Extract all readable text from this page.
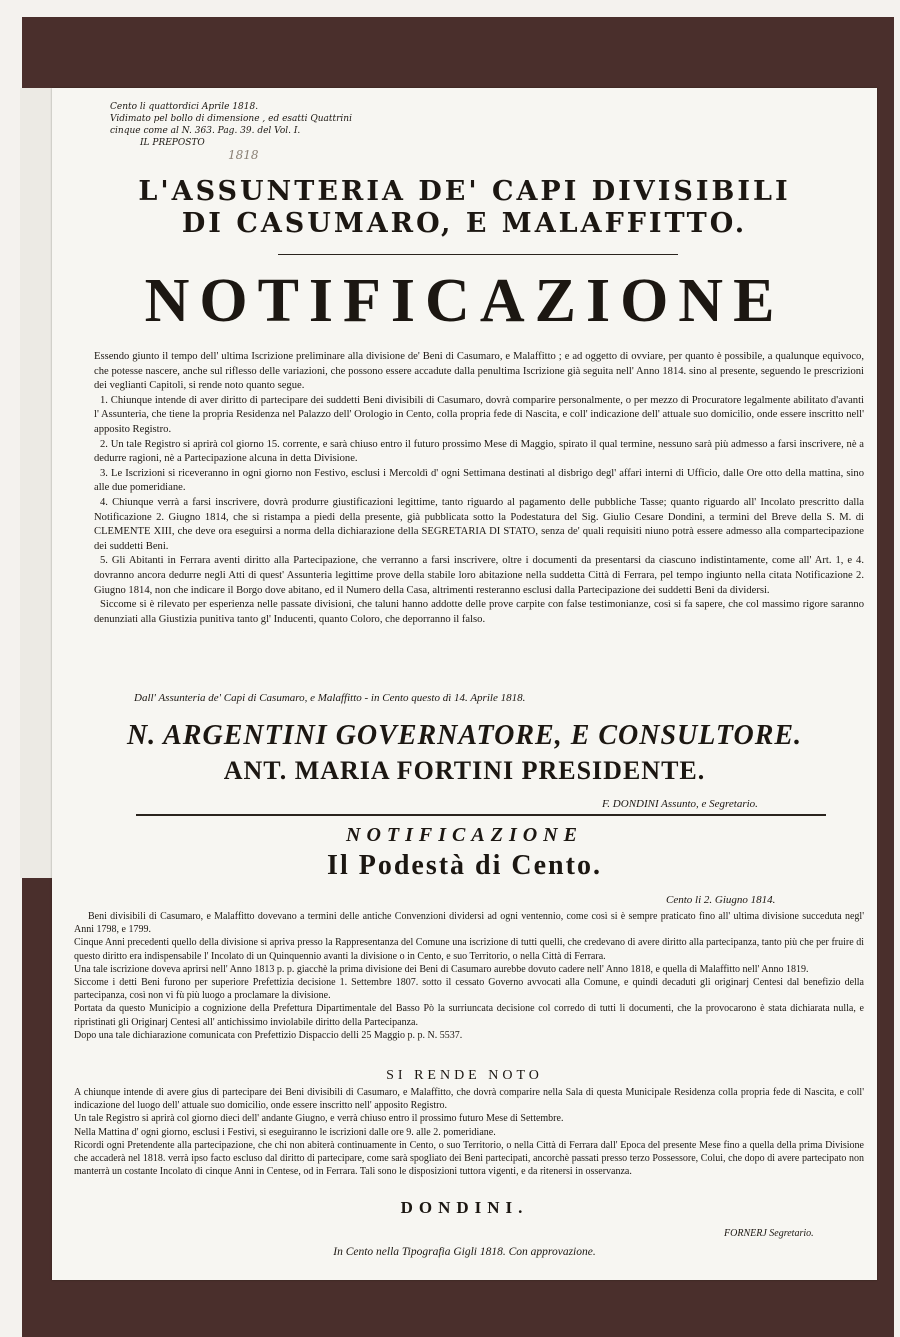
Cento li quattordici Aprile 1818.
Vidimato pel bollo di dimensione , ed esatti Quattrini
cinque come al N. 363. Pag. 39. del Vol. I.
IL PREPOSTO
1818
L'ASSUNTERIA DE' CAPI DIVISIBILI
DI CASUMARO, E MALAFFITTO.
NOTIFICAZIONE

Essendo giunto il tempo dell' ultima Iscrizione preliminare alla divisione de' Beni di Casumaro, e Malaffitto ; e ad oggetto di ovviare, per quanto è possibile, a qualunque equivoco, che potesse nascere, anche sul riflesso delle variazioni, che possono essere accadute dalla penultima Iscrizione già seguita nell' Anno 1814. sino al presente, seguendo le prescrizioni dei veglianti Capitoli, si rende noto quanto segue.

1. Chiunque intende di aver diritto di partecipare dei suddetti Beni divisibili di Casumaro, dovrà comparire personalmente, o per mezzo di Procuratore legalmente abilitato d'avanti l' Assunteria, che tiene la propria Residenza nel Palazzo dell' Orologio in Cento, colla propria fede di Nascita, e coll' indicazione dell' attuale suo domicilio, onde essere inscritto nell' apposito Registro.

2. Un tale Registro si aprirà col giorno 15. corrente, e sarà chiuso entro il futuro prossimo Mese di Maggio, spirato il qual termine, nessuno sarà più admesso a farsi inscrivere, nè a dedurre ragioni, nè a Partecipazione alcuna in detta Divisione.

3. Le Iscrizioni si riceveranno in ogni giorno non Festivo, esclusi i Mercoldì d' ogni Settimana destinati al disbrigo degl' affari interni di Ufficio, dalle Ore otto della mattina, sino alle due pomeridiane.

4. Chiunque verrà a farsi inscrivere, dovrà produrre giustificazioni legittime, tanto riguardo al pagamento delle pubbliche Tasse; quanto riguardo all' Incolato prescritto dalla Notificazione 2. Giugno 1814, che si ristampa a piedi della presente, già pubblicata sotto la Podestatura del Sig. Giulio Cesare Dondini, a termini del Breve della S. M. di CLEMENTE XIII, che deve ora eseguirsi a norma della dichiarazione della SEGRETARIA DI STATO, senza de' quali requisiti niuno potrà essere admesso alla compartecipazione dei suddetti Beni.

5. Gli Abitanti in Ferrara aventi diritto alla Partecipazione, che verranno a farsi inscrivere, oltre i documenti da presentarsi da ciascuno indistintamente, come all' Art. 1, e 4. dovranno ancora dedurre negli Atti di quest' Assunteria legittime prove della stabile loro abitazione nella suddetta Città di Ferrara, pel tempo ingiunto nella citata Notificazione 2. Giugno 1814, non che indicare il Borgo dove abitano, ed il Numero della Casa, altrimenti resteranno esclusi dalla Partecipazione dei suddetti Beni da dividersi.

Siccome si è rilevato per esperienza nelle passate divisioni, che taluni hanno addotte delle prove carpite con false testimonianze, così si fa sapere, che col massimo rigore saranno denunziati alla Giustizia punitiva tanto gl' Inducenti, quanto Coloro, che deporranno il falso.

Dall' Assunteria de' Capi di Casumaro, e Malaffitto - in Cento questo dì 14. Aprile 1818.
N. ARGENTINI GOVERNATORE, E CONSULTORE.
ANT. MARIA FORTINI PRESIDENTE.
F. DONDINI Assunto, e Segretario.
NOTIFICAZIONE
Il Podestà di Cento.
Cento li 2. Giugno 1814.

Beni divisibili di Casumaro, e Malaffitto dovevano a termini delle antiche Convenzioni dividersi ad ogni ventennio, come così si è sempre praticato fino all' ultima divisione succeduta negl' Anni 1798, e 1799.

Cinque Anni precedenti quello della divisione si apriva presso la Rappresentanza del Comune una iscrizione di tutti quelli, che credevano di avere diritto alla partecipanza, tanto più che per fruire di questo diritto era indispensabile l' Incolato di un Quinquennio avanti la divisione o in Cento, e suo Territorio, o nella Città di Ferrara.

Una tale iscrizione doveva aprirsi nell' Anno 1813 p. p. giacchè la prima divisione dei Beni di Casumaro aurebbe dovuto cadere nell' Anno 1818, e quella di Malaffitto nell' Anno 1819.

Siccome i detti Beni furono per superiore Prefettizia decisione 1. Settembre 1807. sotto il cessato Governo avvocati alla Comune, e quindi decaduti gli originarj Centesi dal benefizio della partecipanza, così non vi fù più luogo a proclamare la divisione.

Portata da questo Municipio a cognizione della Prefettura Dipartimentale del Basso Pò la surriuncata decisione col corredo di tutti li documenti, che la provocarono è stata dichiarata nulla, e ripristinati gli Originarj Centesi all' antichissimo inviolabile diritto della Partecipanza.

Dopo una tale dichiarazione comunicata con Prefettizio Dispaccio delli 25 Maggio p. p. N. 5537.

SI RENDE NOTO

A chiunque intende di avere gius di partecipare dei Beni divisibili di Casumaro, e Malaffitto, che dovrà comparire nella Sala di questa Municipale Residenza colla propria fede di Nascita, e coll' indicazione del luogo dell' attuale suo domicilio, onde essere inscritto nell' apposito Registro.

Un tale Registro si aprirà col giorno dieci dell' andante Giugno, e verrà chiuso entro il prossimo futuro Mese di Settembre.

Nella Mattina d' ogni giorno, esclusi i Festivi, si eseguiranno le iscrizioni dalle ore 9. alle 2. pomeridiane.

Ricordi ogni Pretendente alla partecipazione, che chi non abiterà continuamente in Cento, o suo Territorio, o nella Città di Ferrara dall' Epoca del presente Mese fino a quella della prima Divisione che accaderà nel 1818. verrà ipso facto escluso dal diritto di partecipare, come sarà spogliato dei Beni partecipati, ancorchè passati presso terzo Possessore, Colui, che dopo di avere partecipato non manterrà un costante Incolato di cinque Anni in Centese, od in Ferrara. Tali sono le disposizioni tuttora vigenti, e da ritenersi in osservanza.

DONDINI.
FORNERJ Segretario.
In Cento nella Tipografia Gigli 1818. Con approvazione.
